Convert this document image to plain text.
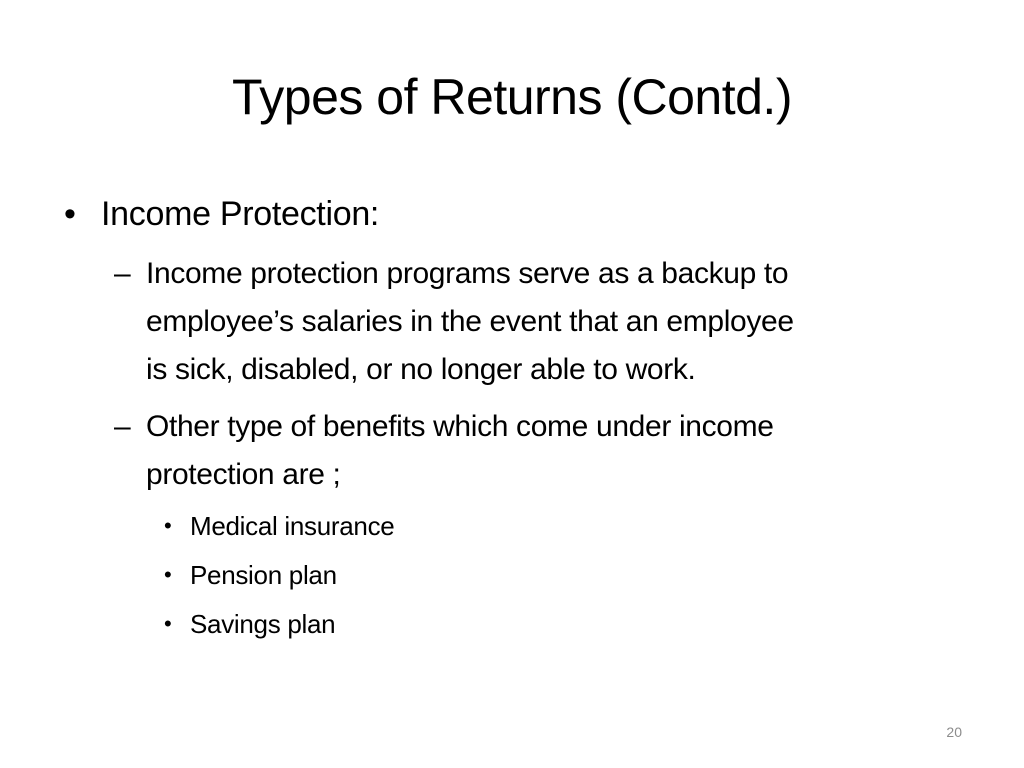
Types of Returns (Contd.)
• Income Protection:
– Income protection programs serve as a backup to
employee’s salaries in the event that an employee
is sick, disabled, or no longer able to work.
– Other type of benefits which come under income
protection are ;
• Medical insurance
• Pension plan
• Savings plan
20
